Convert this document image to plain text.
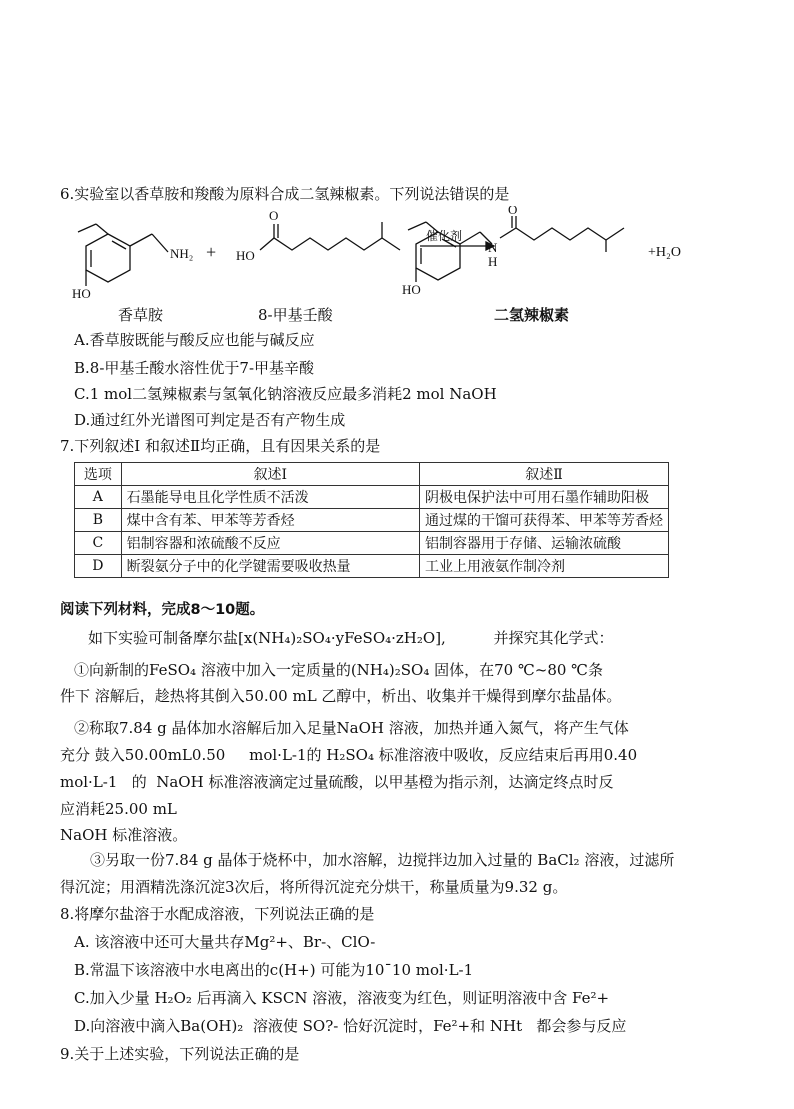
6.实验室以香草胺和羧酸为原料合成二氢辣椒素。下列说法错误的是
NH₂
HO
+ HO
O
催化剂
HO
O
N
H
+H₂O
香草胺	8-甲基壬酸	二氢辣椒素
A.香草胺既能与酸反应也能与碱反应
B.8-甲基壬酸水溶性优于7-甲基辛酸
C.1 mol二氢辣椒素与氢氧化钠溶液反应最多消耗2 mol NaOH
D.通过红外光谱图可判定是否有产物生成
7.下列叙述I 和叙述Ⅱ均正确，且有因果关系的是
选项	叙述I	叙述Ⅱ
A	石墨能导电且化学性质不活泼	阴极电保护法中可用石墨作辅助阳极
B	煤中含有苯、甲苯等芳香烃	通过煤的干馏可获得苯、甲苯等芳香烃
C	铝制容器和浓硫酸不反应	铝制容器用于存储、运输浓硫酸
D	断裂氨分子中的化学键需要吸收热量	工业上用液氨作制冷剂
阅读下列材料，完成8～10题。
如下实验可制备摩尔盐[x(NH₄)₂SO₄·yFeSO₄·zH₂O],          并探究其化学式：
①向新制的FeSO₄ 溶液中加入一定质量的(NH₄)₂SO₄ 固体，在70 ℃~80 ℃条
件下 溶解后，趁热将其倒入50.00 mL 乙醇中，析出、收集并干燥得到摩尔盐晶体。
②称取7.84 g 晶体加水溶解后加入足量NaOH 溶液，加热并通入氮气，将产生气体
充分 鼓入50.00mL0.50     mol·L-1的 H₂SO₄ 标准溶液中吸收，反应结束后再用0.40
mol·L-1   的  NaOH 标准溶液滴定过量硫酸，以甲基橙为指示剂，达滴定终点时反
应消耗25.00 mL
NaOH 标准溶液。
③另取一份7.84 g 晶体于烧杯中，加水溶解，边搅拌边加入过量的 BaCl₂ 溶液，过滤所
得沉淀；用酒精洗涤沉淀3次后，将所得沉淀充分烘干，称量质量为9.32 g。
8.将摩尔盐溶于水配成溶液，下列说法正确的是
A. 该溶液中还可大量共存Mg²+、Br-、ClO-
B.常温下该溶液中水电离出的c(H+) 可能为10ˉ10 mol·L-1
C.加入少量 H₂O₂ 后再滴入 KSCN 溶液，溶液变为红色，则证明溶液中含 Fe²+
D.向溶液中滴入Ba(OH)₂  溶液使 SO?- 恰好沉淀时，Fe²+和 NHt   都会参与反应
9.关于上述实验，下列说法正确的是
